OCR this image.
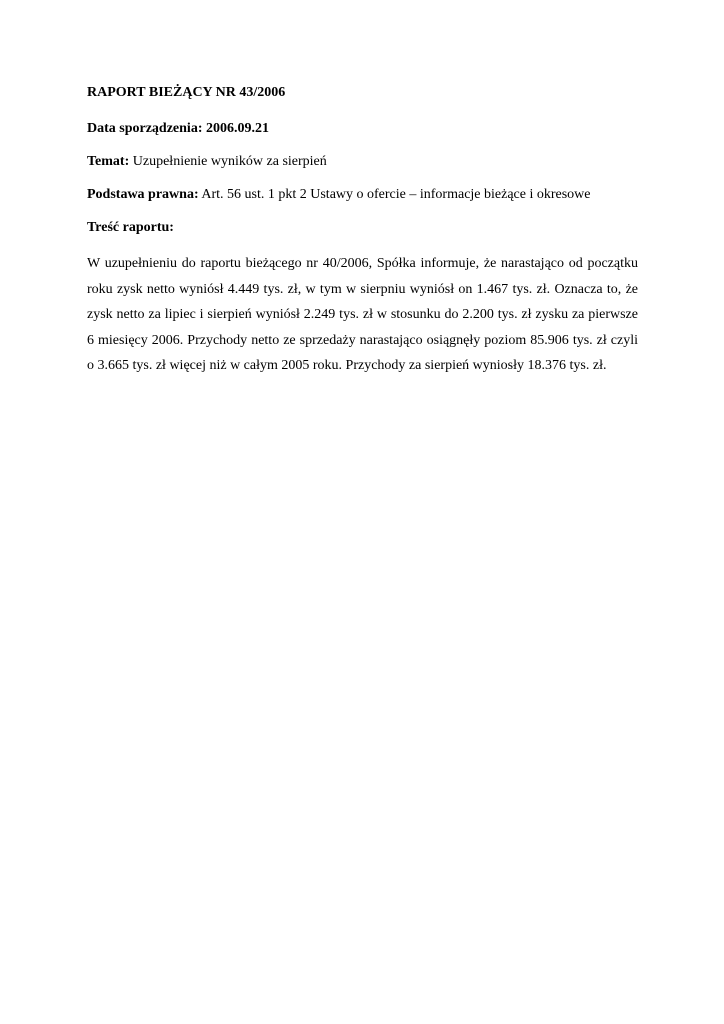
RAPORT BIEŻĄCY NR 43/2006
Data sporządzenia: 2006.09.21
Temat: Uzupełnienie wyników za sierpień
Podstawa prawna: Art. 56 ust. 1 pkt 2 Ustawy o ofercie – informacje bieżące i okresowe
Treść raportu:
W uzupełnieniu do raportu bieżącego nr 40/2006, Spółka informuje, że narastająco od początku roku zysk netto wyniósł 4.449 tys. zł, w tym w sierpniu wyniósł on 1.467 tys. zł. Oznacza to, że zysk netto za lipiec i sierpień wyniósł 2.249 tys. zł w stosunku do 2.200 tys. zł zysku za pierwsze 6 miesięcy 2006. Przychody netto ze sprzedaży narastająco osiągnęły poziom 85.906 tys. zł czyli o 3.665 tys. zł więcej niż w całym 2005 roku. Przychody za sierpień wyniosły 18.376 tys. zł.
